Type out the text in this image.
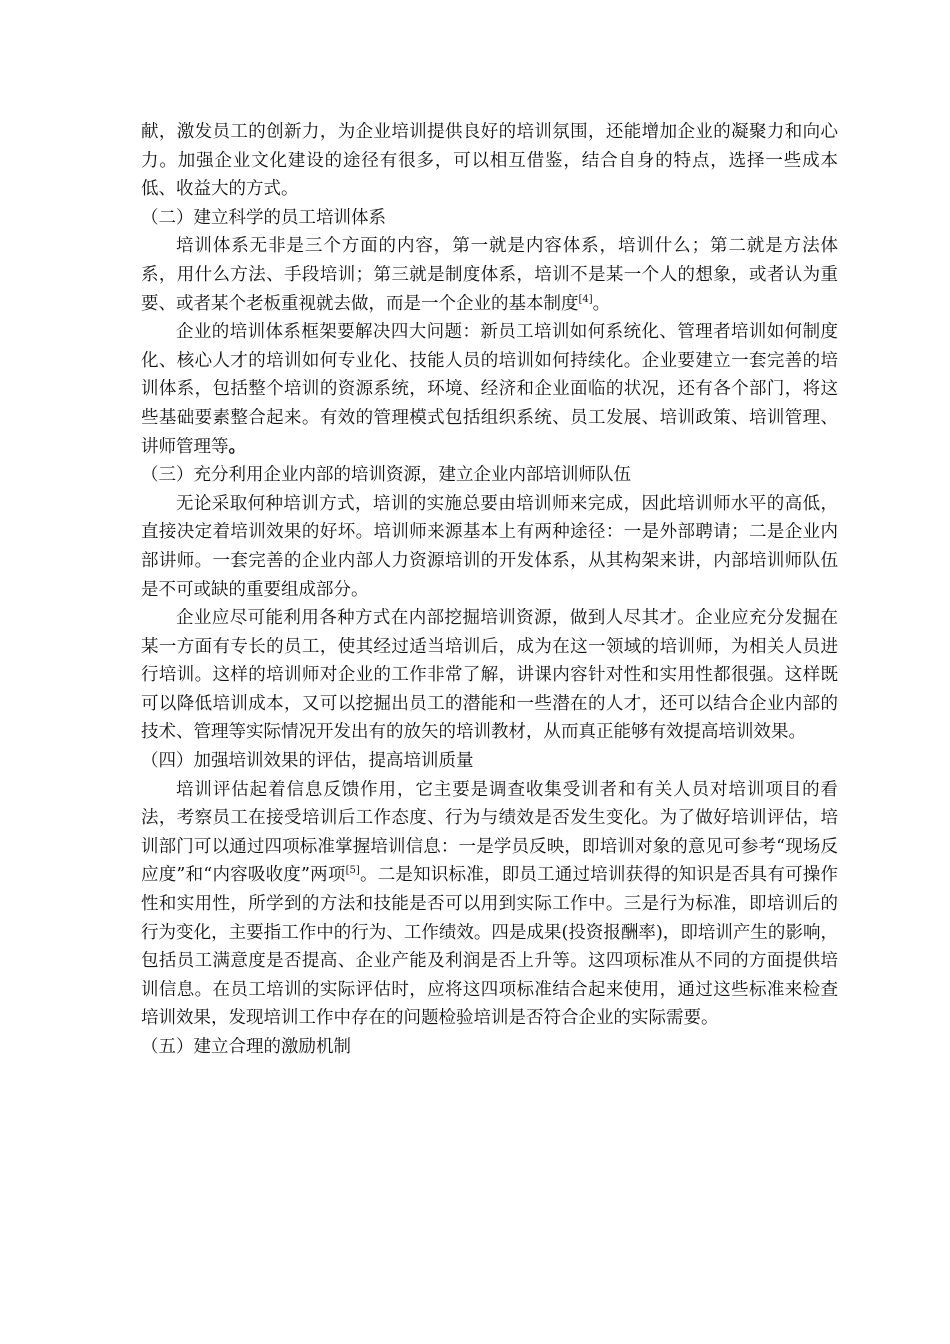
献，激发员工的创新力，为企业培训提供良好的培训氛围，还能增加企业的凝聚力和向心力。加强企业文化建设的途径有很多，可以相互借鉴，结合自身的特点，选择一些成本低、收益大的方式。

（二）建立科学的员工培训体系

培训体系无非是三个方面的内容，第一就是内容体系，培训什么；第二就是方法体系，用什么方法、手段培训；第三就是制度体系，培训不是某一个人的想象，或者认为重要、或者某个老板重视就去做，而是一个企业的基本制度[4]。

企业的培训体系框架要解决四大问题：新员工培训如何系统化、管理者培训如何制度化、核心人才的培训如何专业化、技能人员的培训如何持续化。企业要建立一套完善的培训体系，包括整个培训的资源系统，环境、经济和企业面临的状况，还有各个部门，将这些基础要素整合起来。有效的管理模式包括组织系统、员工发展、培训政策、培训管理、讲师管理等。

（三）充分利用企业内部的培训资源，建立企业内部培训师队伍

无论采取何种培训方式，培训的实施总要由培训师来完成，因此培训师水平的高低，直接决定着培训效果的好坏。培训师来源基本上有两种途径：一是外部聘请；二是企业内部讲师。一套完善的企业内部人力资源培训的开发体系，从其构架来讲，内部培训师队伍是不可或缺的重要组成部分。

企业应尽可能利用各种方式在内部挖掘培训资源，做到人尽其才。企业应充分发掘在某一方面有专长的员工，使其经过适当培训后，成为在这一领域的培训师，为相关人员进行培训。这样的培训师对企业的工作非常了解，讲课内容针对性和实用性都很强。这样既可以降低培训成本，又可以挖掘出员工的潜能和一些潜在的人才，还可以结合企业内部的技术、管理等实际情况开发出有的放矢的培训教材，从而真正能够有效提高培训效果。

（四）加强培训效果的评估，提高培训质量

培训评估起着信息反馈作用，它主要是调查收集受训者和有关人员对培训项目的看法，考察员工在接受培训后工作态度、行为与绩效是否发生变化。为了做好培训评估，培训部门可以通过四项标准掌握培训信息：一是学员反映，即培训对象的意见可参考“现场反应度”和“内容吸收度”两项[5]。二是知识标准，即员工通过培训获得的知识是否具有可操作性和实用性，所学到的方法和技能是否可以用到实际工作中。三是行为标准，即培训后的行为变化，主要指工作中的行为、工作绩效。四是成果(投资报酬率)，即培训产生的影响，包括员工满意度是否提高、企业产能及利润是否上升等。这四项标准从不同的方面提供培训信息。在员工培训的实际评估时，应将这四项标准结合起来使用，通过这些标准来检查培训效果，发现培训工作中存在的问题检验培训是否符合企业的实际需要。

（五）建立合理的激励机制
